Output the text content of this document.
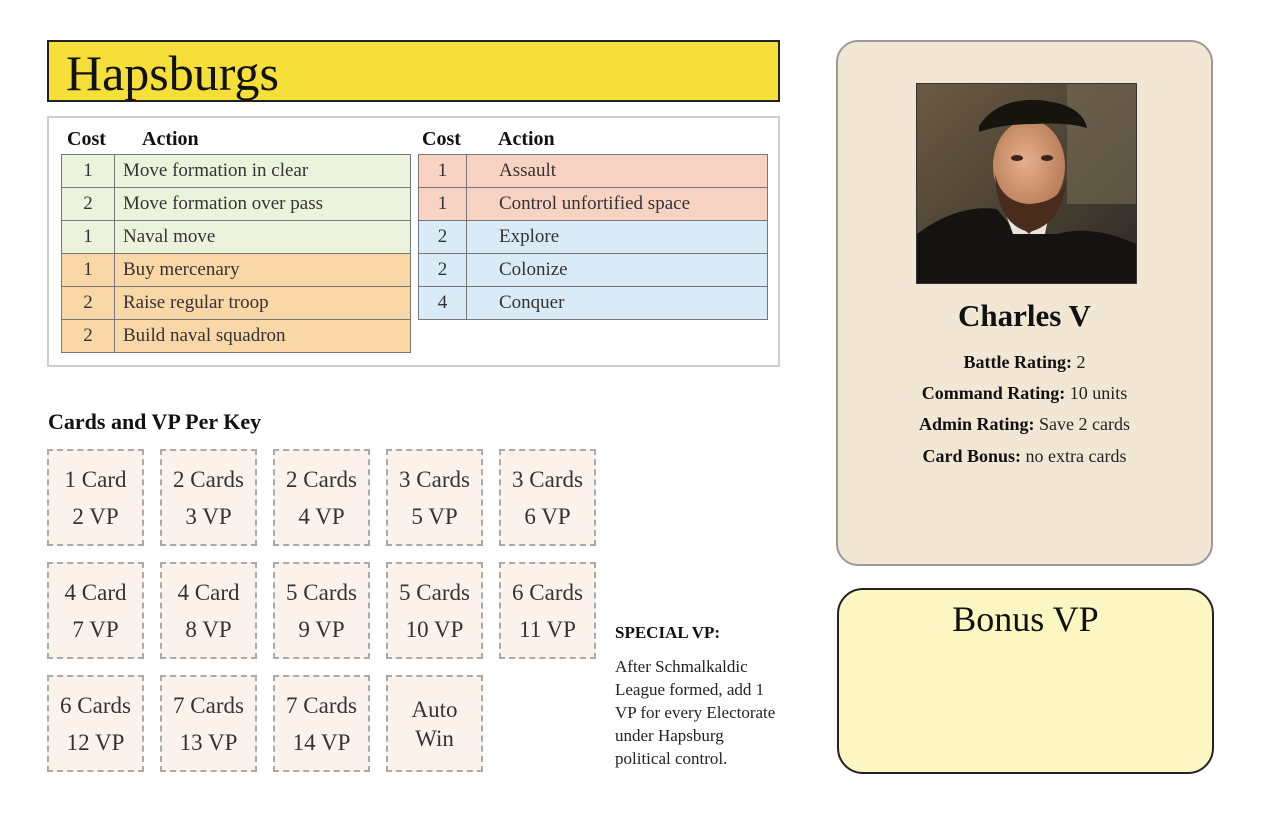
Hapsburgs
Cost Action	Cost Action
1	Move formation in clear
2	Move formation over pass
1	Naval move
1	Buy mercenary
2	Raise regular troop
2	Build naval squadron
1	Assault
1	Control unfortified space
2	Explore
2	Colonize
4	Conquer
Cards and VP Per Key
1 Card
2 VP
2 Cards
3 VP
2 Cards
4 VP
3 Cards
5 VP
3 Cards
6 VP
4 Card
7 VP
4 Card
8 VP
5 Cards
9 VP
5 Cards
10 VP
6 Cards
11 VP
6 Cards
12 VP
7 Cards
13 VP
7 Cards
14 VP
Auto
Win
SPECIAL VP:
After Schmalkaldic
League formed, add 1
VP for every Electorate
under Hapsburg
political control.
Charles V
Battle Rating: 2
Command Rating: 10 units
Admin Rating: Save 2 cards
Card Bonus: no extra cards
Bonus VP
